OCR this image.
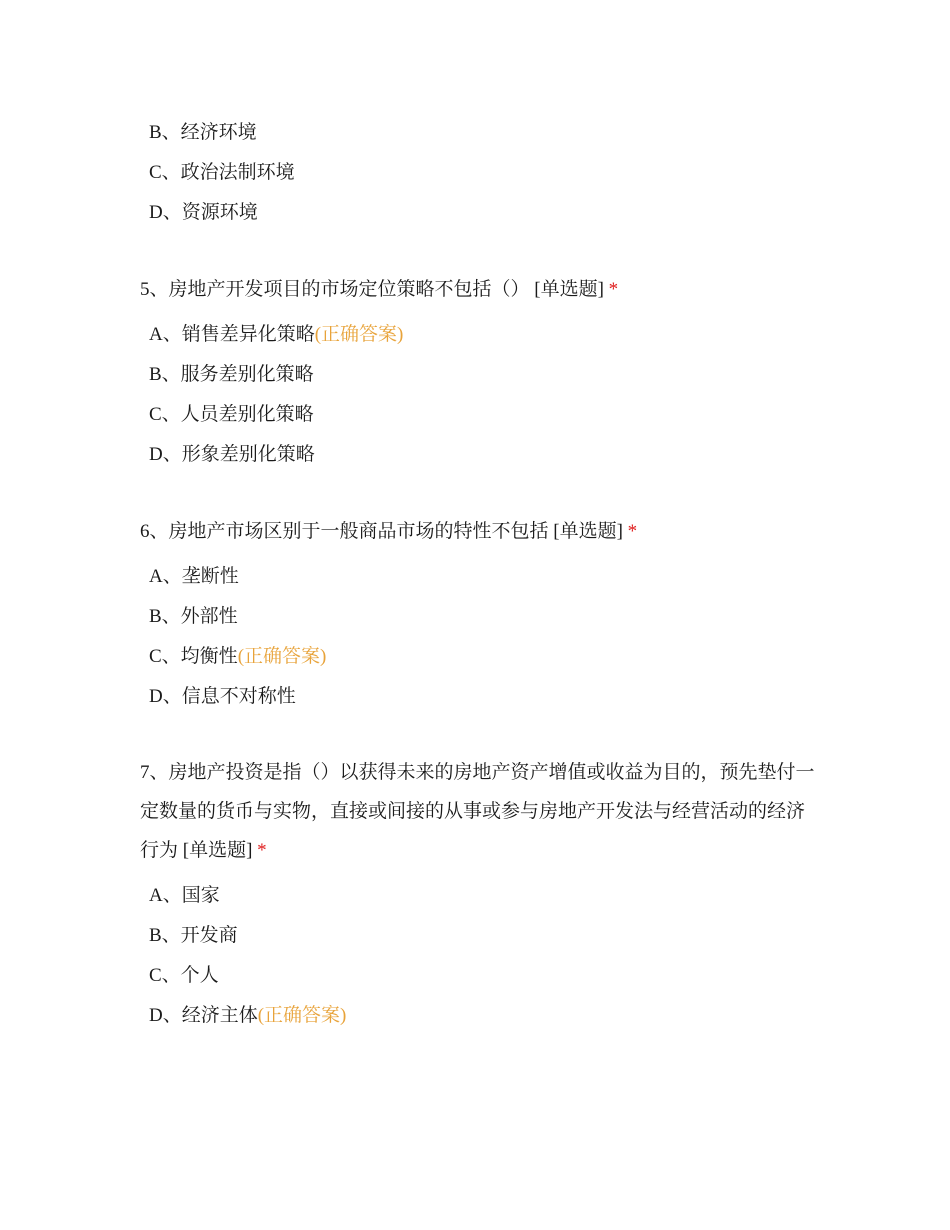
B、经济环境
C、政治法制环境
D、资源环境
5、房地产开发项目的市场定位策略不包括（） [单选题] *
A、销售差异化策略(正确答案)
B、服务差别化策略
C、人员差别化策略
D、形象差别化策略
6、房地产市场区别于一般商品市场的特性不包括 [单选题] *
A、垄断性
B、外部性
C、均衡性(正确答案)
D、信息不对称性
7、房地产投资是指（）以获得未来的房地产资产增值或收益为目的，预先垫付一定数量的货币与实物，直接或间接的从事或参与房地产开发法与经营活动的经济行为 [单选题] *
A、国家
B、开发商
C、个人
D、经济主体(正确答案)
